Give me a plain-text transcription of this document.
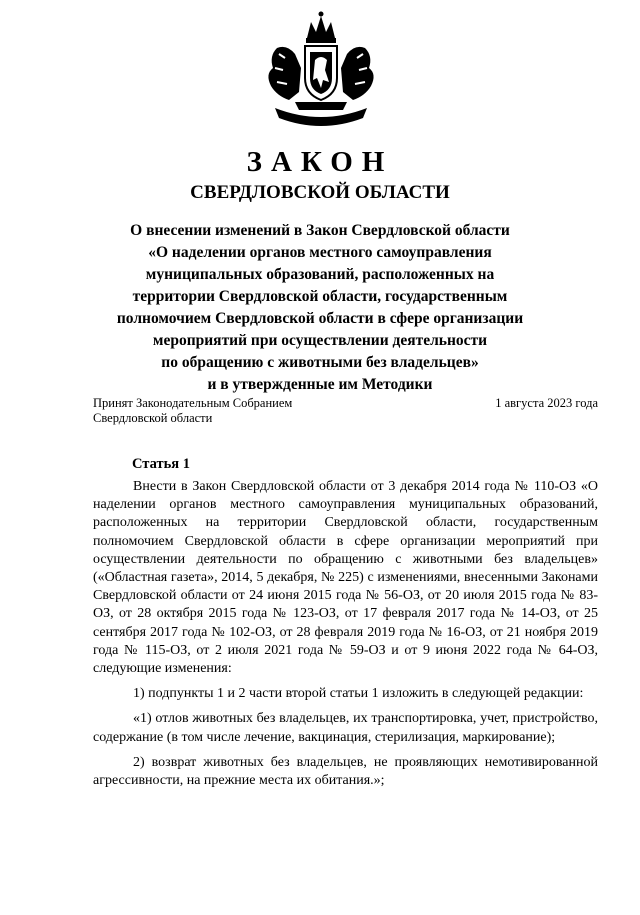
ЗАКОН
СВЕРДЛОВСКОЙ ОБЛАСТИ
О внесении изменений в Закон Свердловской области
«О наделении органов местного самоуправления
муниципальных образований, расположенных на
территории Свердловской области, государственным
полномочием Свердловской области в сфере организации
мероприятий при осуществлении деятельности
по обращению с животными без владельцев»
и в утвержденные им Методики
Принят Законодательным Собранием
Свердловской области
1 августа 2023 года
Статья 1

Внести в Закон Свердловской области от 3 декабря 2014 года № 110-ОЗ «О наделении органов местного самоуправления муниципальных образований, расположенных на территории Свердловской области, государственным полномочием Свердловской области в сфере организации мероприятий при осуществлении деятельности по обращению с животными без владельцев» («Областная газета», 2014, 5 декабря, № 225) с изменениями, внесенными Законами Свердловской области от 24 июня 2015 года № 56-ОЗ, от 20 июля 2015 года № 83-ОЗ, от 28 октября 2015 года № 123-ОЗ, от 17 февраля 2017 года № 14-ОЗ, от 25 сентября 2017 года № 102-ОЗ, от 28 февраля 2019 года № 16-ОЗ, от 21 ноября 2019 года № 115-ОЗ, от 2 июля 2021 года № 59-ОЗ и от 9 июня 2022 года № 64-ОЗ, следующие изменения:

1) подпункты 1 и 2 части второй статьи 1 изложить в следующей редакции:

«1) отлов животных без владельцев, их транспортировка, учет, пристройство, содержание (в том числе лечение, вакцинация, стерилизация, маркирование);

2) возврат животных без владельцев, не проявляющих немотивированной агрессивности, на прежние места их обитания.»;
